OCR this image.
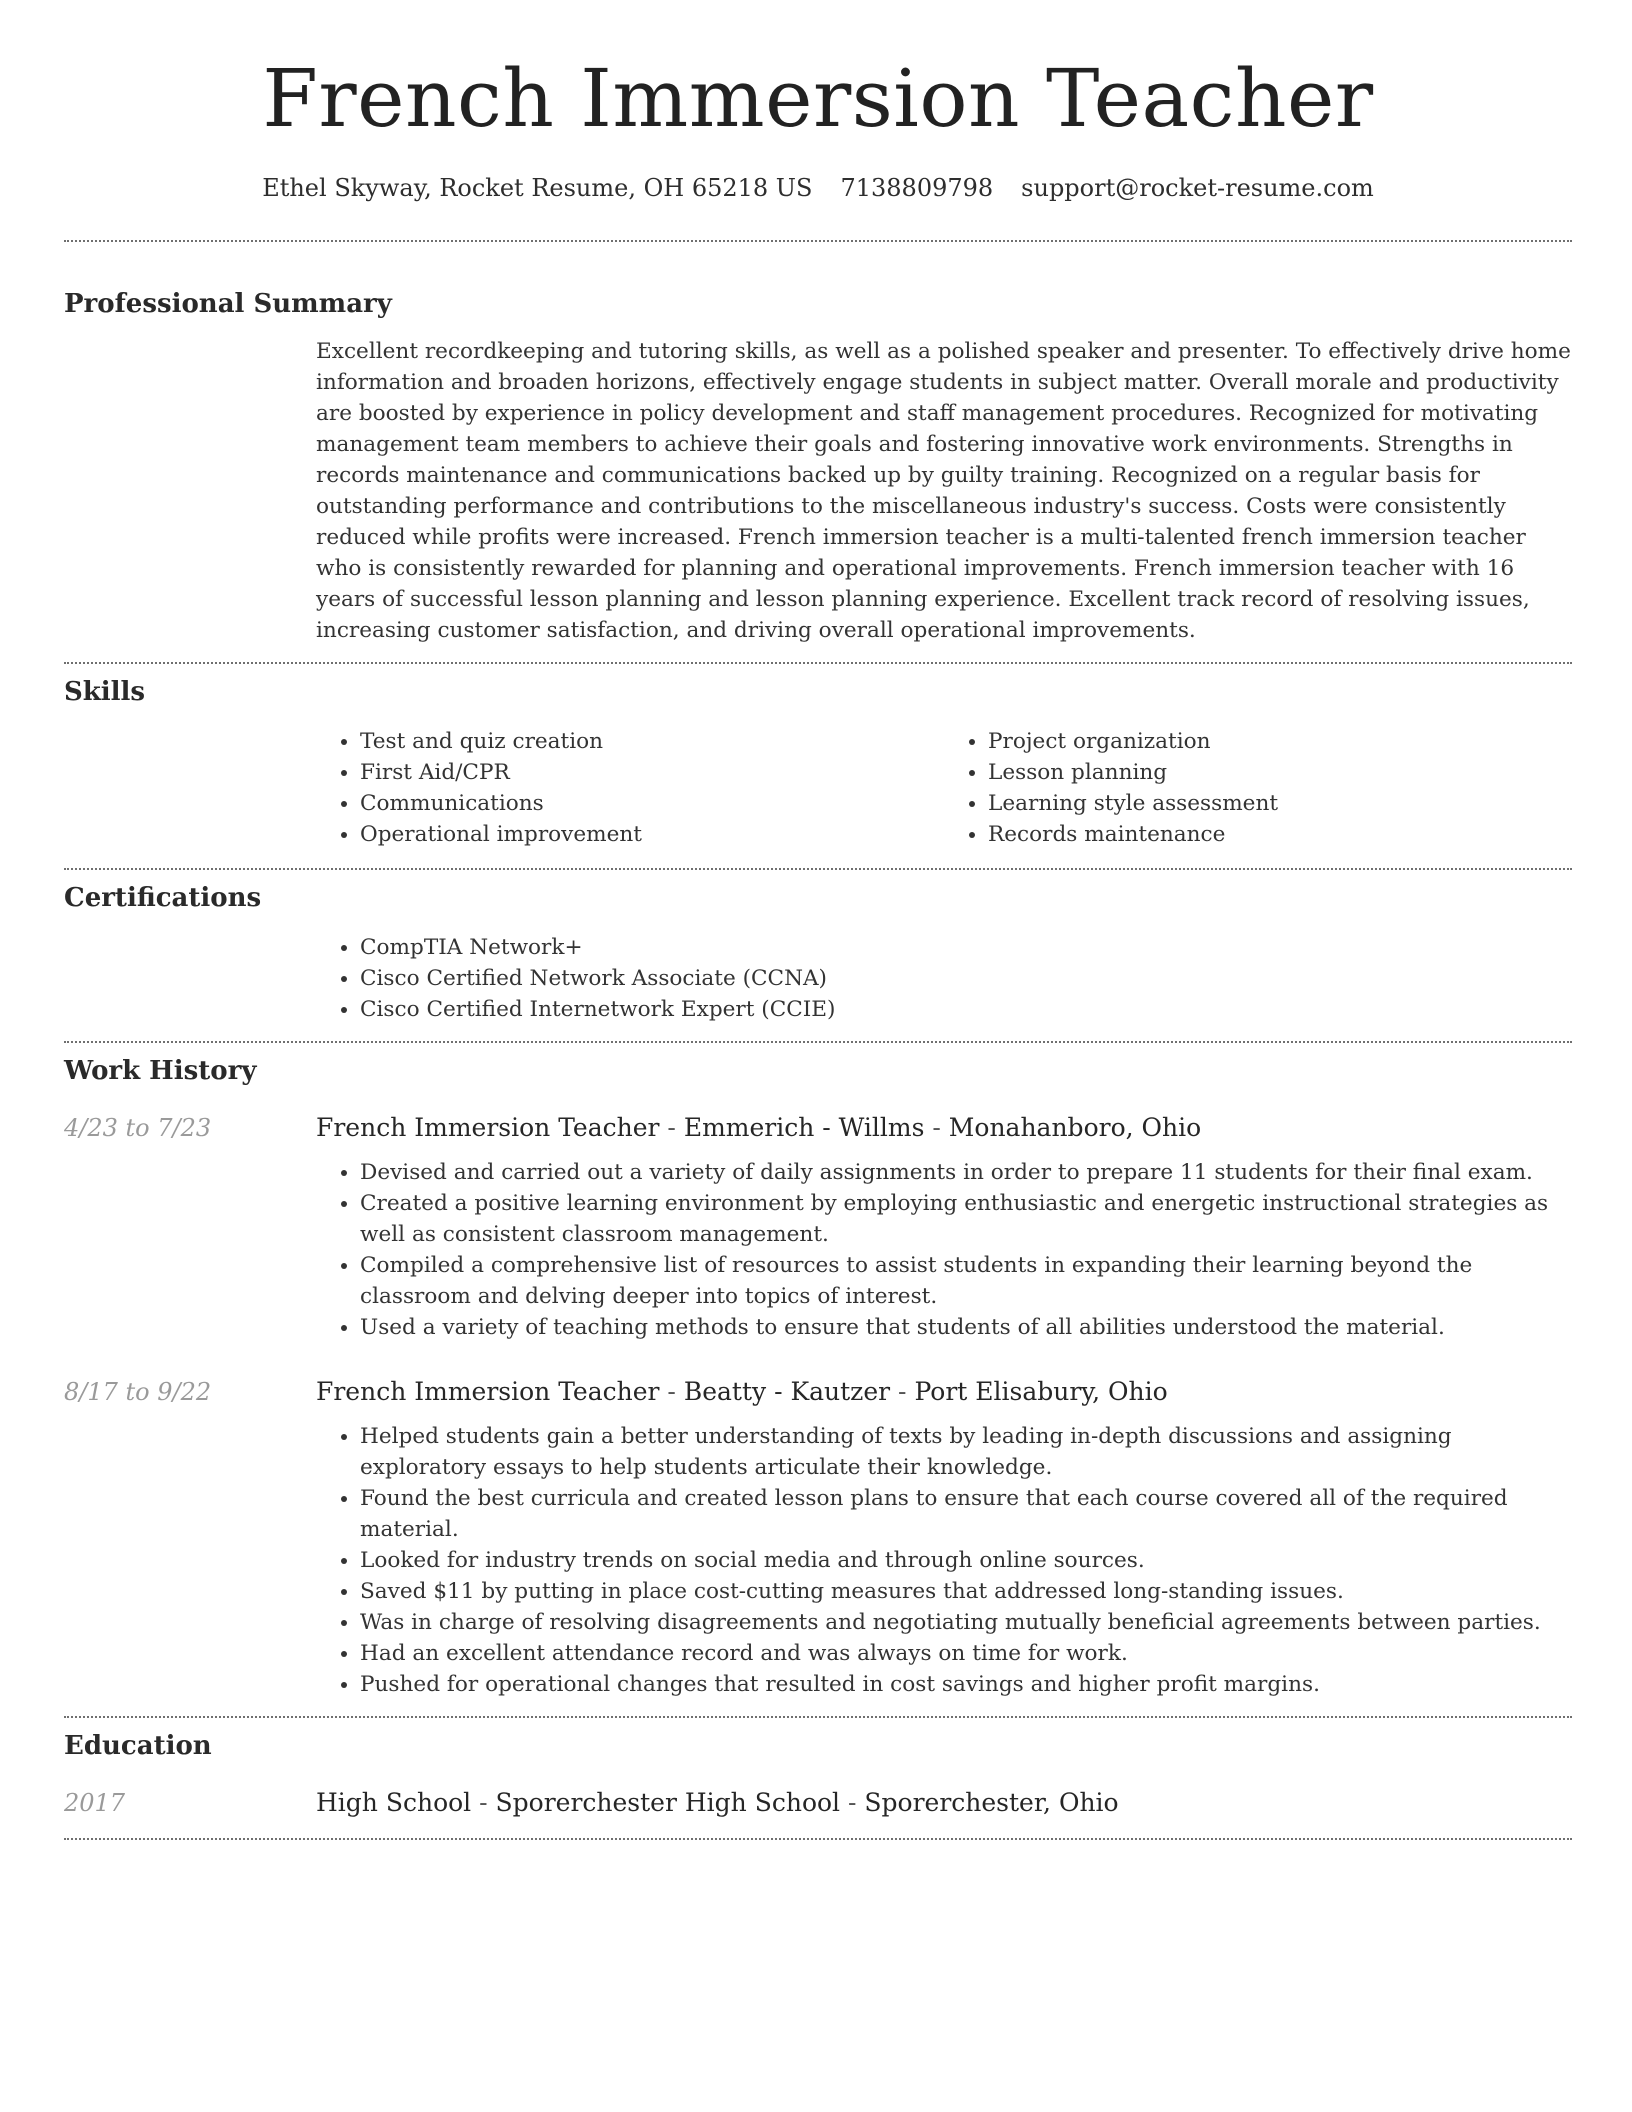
French Immersion Teacher
Ethel Skyway, Rocket Resume, OH 65218 US 7138809798 support@rocket-resume.com
Professional Summary

Excellent recordkeeping and tutoring skills, as well as a polished speaker and presenter. To effectively drive home information and broaden horizons, effectively engage students in subject matter. Overall morale and productivity are boosted by experience in policy development and staff management procedures. Recognized for motivating management team members to achieve their goals and fostering innovative work environments. Strengths in records maintenance and communications backed up by guilty training. Recognized on a regular basis for outstanding performance and contributions to the miscellaneous industry's success. Costs were consistently reduced while profits were increased. French immersion teacher is a multi-talented french immersion teacher who is consistently rewarded for planning and operational improvements. French immersion teacher with 16 years of successful lesson planning and lesson planning experience. Excellent track record of resolving issues, increasing customer satisfaction, and driving overall operational improvements.

Skills
• Test and quiz creation
• First Aid/CPR
• Communications
• Operational improvement
• Project organization
• Lesson planning
• Learning style assessment
• Records maintenance
Certifications
• CompTIA Network+
• Cisco Certified Network Associate (CCNA)
• Cisco Certified Internetwork Expert (CCIE)
Work History
4/23 to 7/23	French Immersion Teacher - Emmerich - Willms - Monahanboro, Ohio
• Devised and carried out a variety of daily assignments in order to prepare 11 students for their final exam.
• Created a positive learning environment by employing enthusiastic and energetic instructional strategies as well as consistent classroom management.
• Compiled a comprehensive list of resources to assist students in expanding their learning beyond the classroom and delving deeper into topics of interest.
• Used a variety of teaching methods to ensure that students of all abilities understood the material.
8/17 to 9/22	French Immersion Teacher - Beatty - Kautzer - Port Elisabury, Ohio
• Helped students gain a better understanding of texts by leading in-depth discussions and assigning exploratory essays to help students articulate their knowledge.
• Found the best curricula and created lesson plans to ensure that each course covered all of the required material.
• Looked for industry trends on social media and through online sources.
• Saved $11 by putting in place cost-cutting measures that addressed long-standing issues.
• Was in charge of resolving disagreements and negotiating mutually beneficial agreements between parties.
• Had an excellent attendance record and was always on time for work.
• Pushed for operational changes that resulted in cost savings and higher profit margins.
Education
2017	High School - Sporerchester High School - Sporerchester, Ohio
